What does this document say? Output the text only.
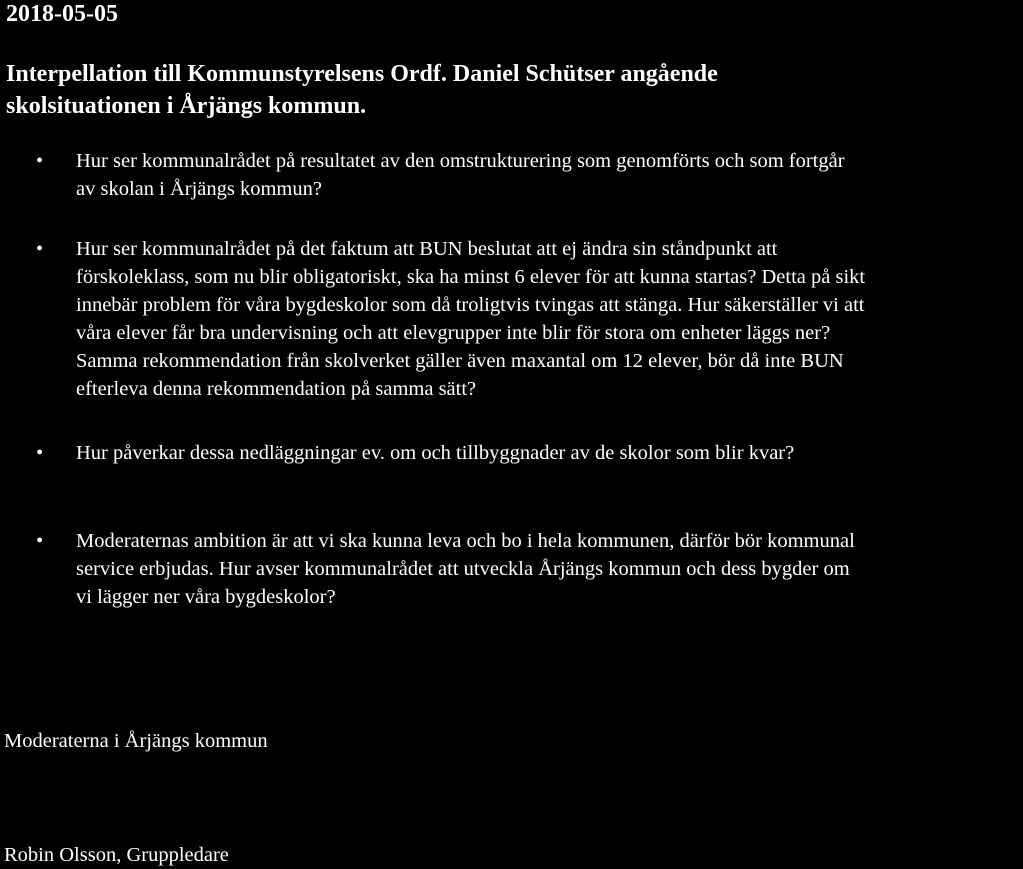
2018-05-05
Interpellation till Kommunstyrelsens Ordf. Daniel Schütser angående
skolsituationen i Årjängs kommun.
• Hur ser kommunalrådet på resultatet av den omstrukturering som genomförts och som fortgår
av skolan i Årjängs kommun?
• Hur ser kommunalrådet på det faktum att BUN beslutat att ej ändra sin ståndpunkt att
förskoleklass, som nu blir obligatoriskt, ska ha minst 6 elever för att kunna startas? Detta på sikt
innebär problem för våra bygdeskolor som då troligtvis tvingas att stänga. Hur säkerställer vi att
våra elever får bra undervisning och att elevgrupper inte blir för stora om enheter läggs ner?
Samma rekommendation från skolverket gäller även maxantal om 12 elever, bör då inte BUN
efterleva denna rekommendation på samma sätt?
• Hur påverkar dessa nedläggningar ev. om och tillbyggnader av de skolor som blir kvar?
• Moderaternas ambition är att vi ska kunna leva och bo i hela kommunen, därför bör kommunal
service erbjudas. Hur avser kommunalrådet att utveckla Årjängs kommun och dess bygder om
vi lägger ner våra bygdeskolor?

Moderaterna i Årjängs kommun

Robin Olsson, Gruppledare
